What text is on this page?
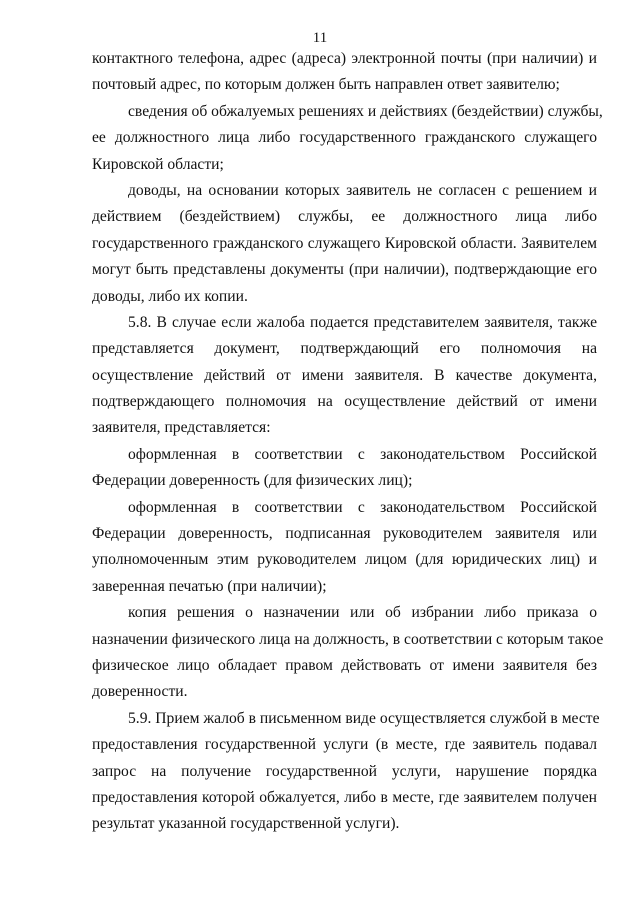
11
контактного телефона, адрес (адреса) электронной почты (при наличии) и
почтовый адрес, по которым должен быть направлен ответ заявителю;
сведения об обжалуемых решениях и действиях (бездействии) службы,
ее должностного лица либо государственного гражданского служащего
Кировской области;
доводы, на основании которых заявитель не согласен с решением и
действием (бездействием) службы, ее должностного лица либо
государственного гражданского служащего Кировской области. Заявителем
могут быть представлены документы (при наличии), подтверждающие его
доводы, либо их копии.
5.8. В случае если жалоба подается представителем заявителя, также
представляется документ, подтверждающий его полномочия на
осуществление действий от имени заявителя. В качестве документа,
подтверждающего полномочия на осуществление действий от имени
заявителя, представляется:
оформленная в соответствии с законодательством Российской
Федерации доверенность (для физических лиц);
оформленная в соответствии с законодательством Российской
Федерации доверенность, подписанная руководителем заявителя или
уполномоченным этим руководителем лицом (для юридических лиц) и
заверенная печатью (при наличии);
копия решения о назначении или об избрании либо приказа о
назначении физического лица на должность, в соответствии с которым такое
физическое лицо обладает правом действовать от имени заявителя без
доверенности.
5.9. Прием жалоб в письменном виде осуществляется службой в месте
предоставления государственной услуги (в месте, где заявитель подавал
запрос на получение государственной услуги, нарушение порядка
предоставления которой обжалуется, либо в месте, где заявителем получен
результат указанной государственной услуги).
